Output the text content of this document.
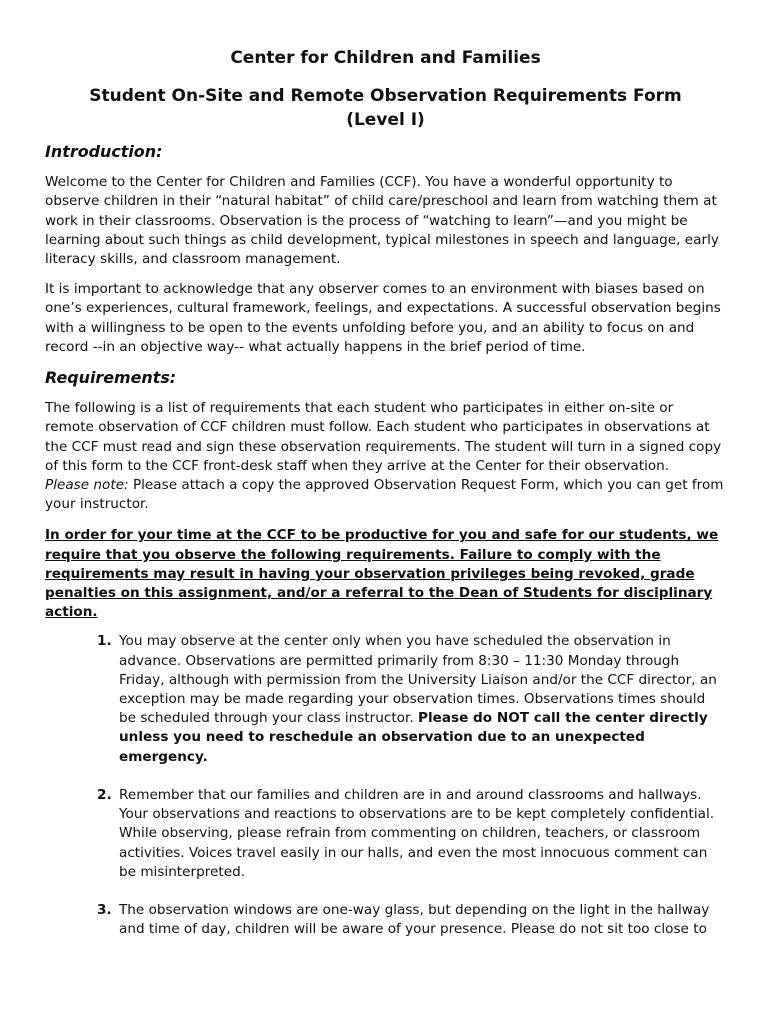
Center for Children and Families
Student On-Site and Remote Observation Requirements Form
(Level I)
Introduction:

Welcome to the Center for Children and Families (CCF). You have a wonderful opportunity to observe children in their “natural habitat” of child care/preschool and learn from watching them at work in their classrooms. Observation is the process of “watching to learn”—and you might be learning about such things as child development, typical milestones in speech and language, early literacy skills, and classroom management.

It is important to acknowledge that any observer comes to an environment with biases based on one’s experiences, cultural framework, feelings, and expectations. A successful observation begins with a willingness to be open to the events unfolding before you, and an ability to focus on and record --in an objective way-- what actually happens in the brief period of time.

Requirements:

The following is a list of requirements that each student who participates in either on-site or remote observation of CCF children must follow. Each student who participates in observations at the CCF must read and sign these observation requirements. The student will turn in a signed copy of this form to the CCF front-desk staff when they arrive at the Center for their observation.
Please note: Please attach a copy the approved Observation Request Form, which you can get from your instructor.

In order for your time at the CCF to be productive for you and safe for our students, we require that you observe the following requirements. Failure to comply with the requirements may result in having your observation privileges being revoked, grade penalties on this assignment, and/or a referral to the Dean of Students for disciplinary action.

1. You may observe at the center only when you have scheduled the observation in advance. Observations are permitted primarily from 8:30 – 11:30 Monday through Friday, although with permission from the University Liaison and/or the CCF director, an exception may be made regarding your observation times. Observations times should be scheduled through your class instructor. Please do NOT call the center directly unless you need to reschedule an observation due to an unexpected emergency.
2. Remember that our families and children are in and around classrooms and hallways. Your observations and reactions to observations are to be kept completely confidential. While observing, please refrain from commenting on children, teachers, or classroom activities. Voices travel easily in our halls, and even the most innocuous comment can be misinterpreted.
3. The observation windows are one-way glass, but depending on the light in the hallway and time of day, children will be aware of your presence. Please do not sit too close to
